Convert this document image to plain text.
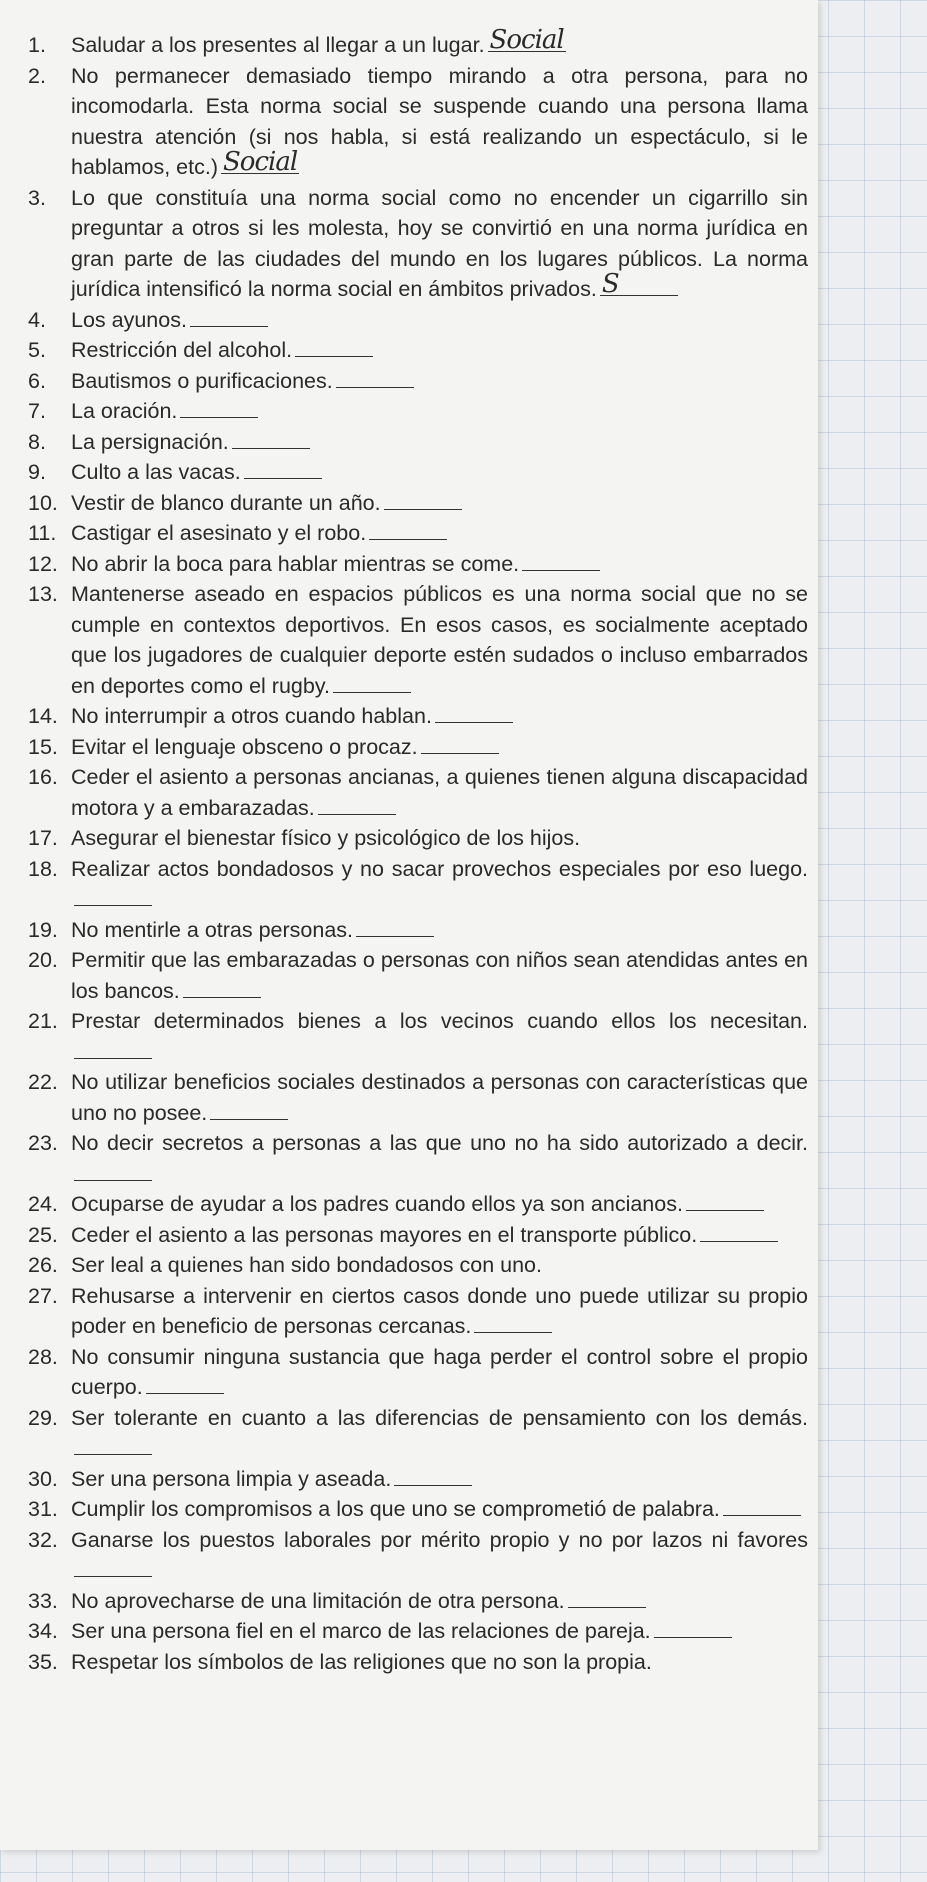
1.	Saludar a los presentes al llegar a un lugar. Social
2.	No permanecer demasiado tiempo mirando a otra persona, para no incomodarla. Esta norma social se suspende cuando una persona llama nuestra atención (si nos habla, si está realizando un espectáculo, si le hablamos, etc.) Social
3.	Lo que constituía una norma social como no encender un cigarrillo sin preguntar a otros si les molesta, hoy se convirtió en una norma jurídica en gran parte de las ciudades del mundo en los lugares públicos. La norma jurídica intensificó la norma social en ámbitos privados. S
4.	Los ayunos.
5.	Restricción del alcohol.
6.	Bautismos o purificaciones.
7.	La oración.
8.	La persignación.
9.	Culto a las vacas.
10. Vestir de blanco durante un año.
11. Castigar el asesinato y el robo.
12. No abrir la boca para hablar mientras se come.
13. Mantenerse aseado en espacios públicos es una norma social que no se cumple en contextos deportivos. En esos casos, es socialmente aceptado que los jugadores de cualquier deporte estén sudados o incluso embarrados en deportes como el rugby.
14. No interrumpir a otros cuando hablan.
15. Evitar el lenguaje obsceno o procaz.
16. Ceder el asiento a personas ancianas, a quienes tienen alguna discapacidad motora y a embarazadas.
17. Asegurar el bienestar físico y psicológico de los hijos.
18. Realizar actos bondadosos y no sacar provechos especiales por eso luego.
19. No mentirle a otras personas.
20. Permitir que las embarazadas o personas con niños sean atendidas antes en los bancos.
21. Prestar determinados bienes a los vecinos cuando ellos los necesitan.
22. No utilizar beneficios sociales destinados a personas con características que uno no posee.
23. No decir secretos a personas a las que uno no ha sido autorizado a decir.
24. Ocuparse de ayudar a los padres cuando ellos ya son ancianos.
25. Ceder el asiento a las personas mayores en el transporte público.
26. Ser leal a quienes han sido bondadosos con uno.
27. Rehusarse a intervenir en ciertos casos donde uno puede utilizar su propio poder en beneficio de personas cercanas.
28. No consumir ninguna sustancia que haga perder el control sobre el propio cuerpo.
29. Ser tolerante en cuanto a las diferencias de pensamiento con los demás.
30. Ser una persona limpia y aseada.
31. Cumplir los compromisos a los que uno se comprometió de palabra.
32. Ganarse los puestos laborales por mérito propio y no por lazos ni favores
33. No aprovecharse de una limitación de otra persona.
34. Ser una persona fiel en el marco de las relaciones de pareja.
35. Respetar los símbolos de las religiones que no son la propia.
